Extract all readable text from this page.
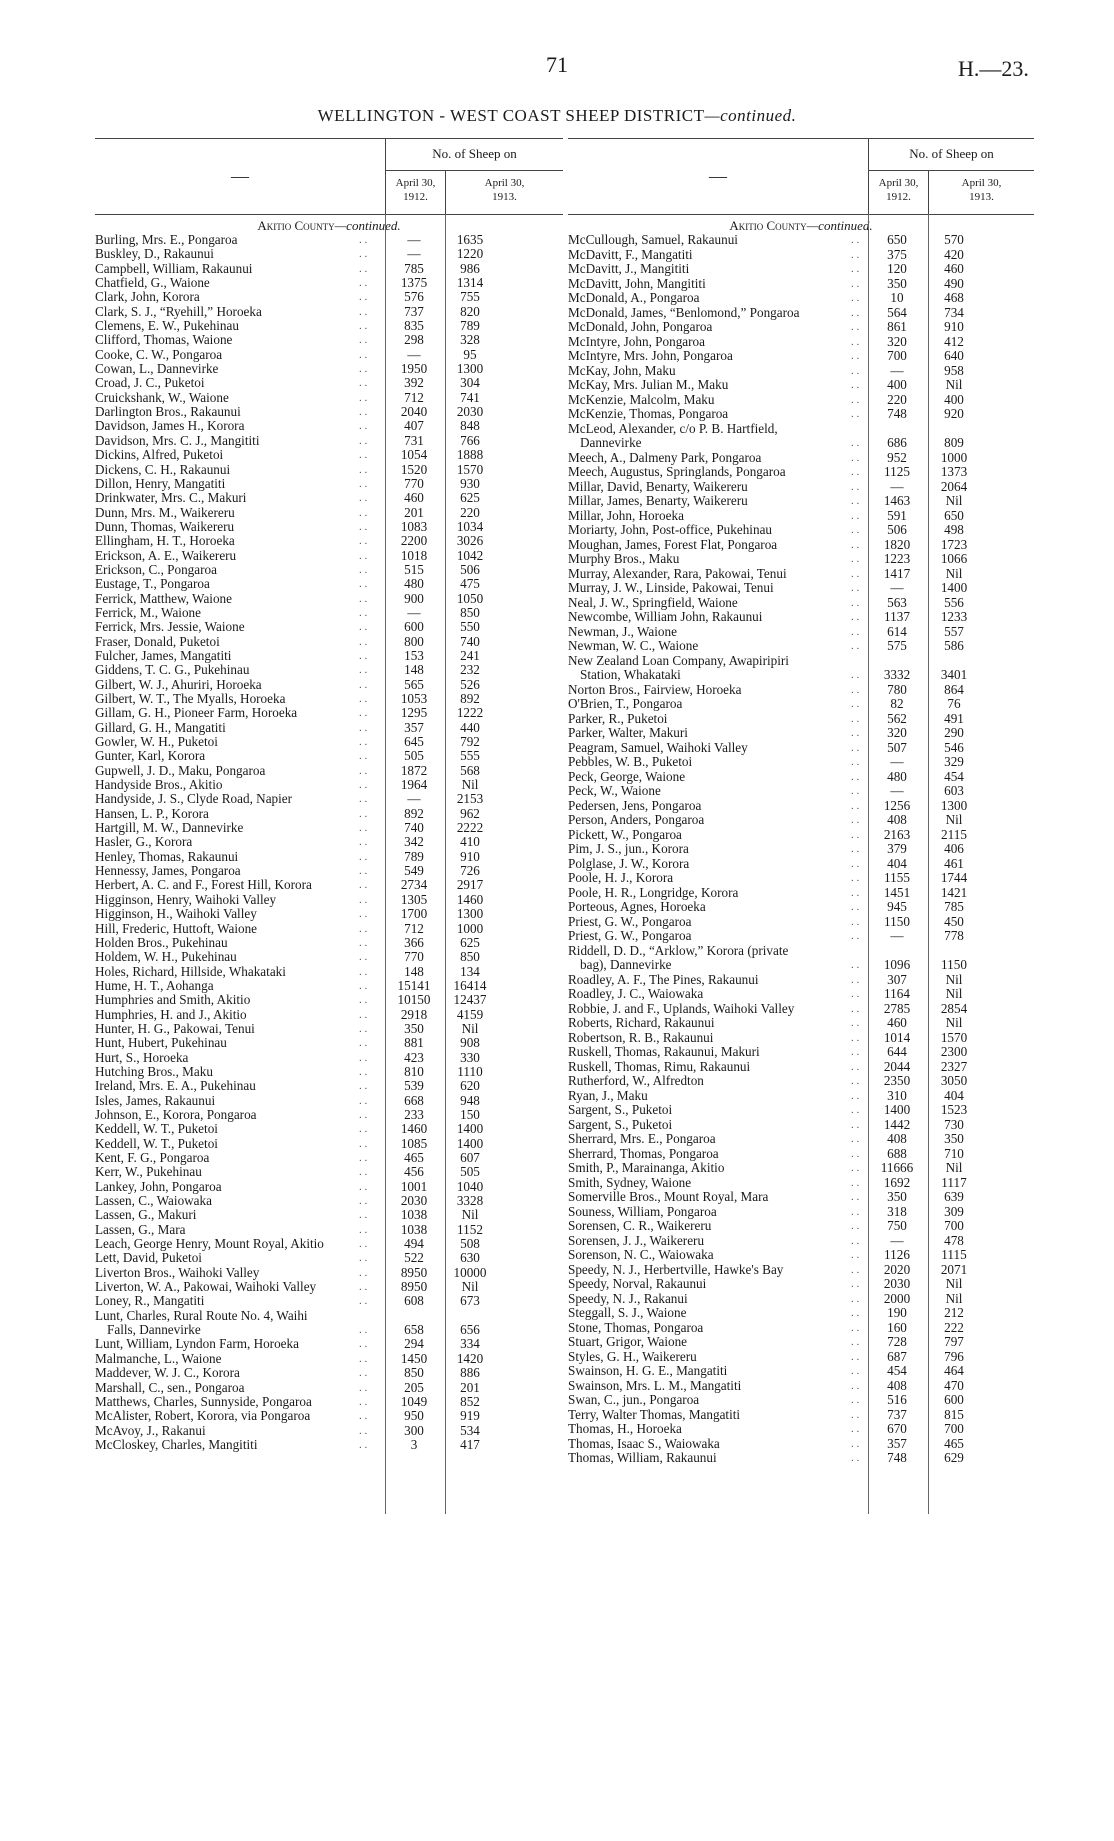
71	H.—23.
WELLINGTON - WEST COAST SHEEP DISTRICT—continued.
—
No. of Sheep on
April 30,
1912.
April 30,
1913.
Akitio County—continued.
Burling, Mrs. E., Pongaroa	. .	—	1635
Buskley, D., Rakaunui	. .	—	1220
Campbell, William, Rakaunui	. .	785	986
Chatfield, G., Waione	. .	1375	1314
Clark, John, Korora	. .	576	755
Clark, S. J., “Ryehill,” Horoeka	. .	737	820
Clemens, E. W., Pukehinau	. .	835	789
Clifford, Thomas, Waione	. .	298	328
Cooke, C. W., Pongaroa	. .	—	95
Cowan, L., Dannevirke	. .	1950	1300
Croad, J. C., Puketoi	. .	392	304
Cruickshank, W., Waione	. .	712	741
Darlington Bros., Rakaunui	. .	2040	2030
Davidson, James H., Korora	. .	407	848
Davidson, Mrs. C. J., Mangititi	. .	731	766
Dickins, Alfred, Puketoi	. .	1054	1888
Dickens, C. H., Rakaunui	. .	1520	1570
Dillon, Henry, Mangatiti	. .	770	930
Drinkwater, Mrs. C., Makuri	. .	460	625
Dunn, Mrs. M., Waikereru	. .	201	220
Dunn, Thomas, Waikereru	. .	1083	1034
Ellingham, H. T., Horoeka	. .	2200	3026
Erickson, A. E., Waikereru	. .	1018	1042
Erickson, C., Pongaroa	. .	515	506
Eustage, T., Pongaroa	. .	480	475
Ferrick, Matthew, Waione	. .	900	1050
Ferrick, M., Waione	. .	—	850
Ferrick, Mrs. Jessie, Waione	. .	600	550
Fraser, Donald, Puketoi	. .	800	740
Fulcher, James, Mangatiti	. .	153	241
Giddens, T. C. G., Pukehinau	. .	148	232
Gilbert, W. J., Ahuriri, Horoeka	. .	565	526
Gilbert, W. T., The Myalls, Horoeka	. .	1053	892
Gillam, G. H., Pioneer Farm, Horoeka	. .	1295	1222
Gillard, G. H., Mangatiti	. .	357	440
Gowler, W. H., Puketoi	. .	645	792
Gunter, Karl, Korora	. .	505	555
Gupwell, J. D., Maku, Pongaroa	. .	1872	568
Handyside Bros., Akitio	. .	1964	Nil
Handyside, J. S., Clyde Road, Napier	. .	—	2153
Hansen, L. P., Korora	. .	892	962
Hartgill, M. W., Dannevirke	. .	740	2222
Hasler, G., Korora	. .	342	410
Henley, Thomas, Rakaunui	. .	789	910
Hennessy, James, Pongaroa	. .	549	726
Herbert, A. C. and F., Forest Hill, Korora	. .	2734	2917
Higginson, Henry, Waihoki Valley	. .	1305	1460
Higginson, H., Waihoki Valley	. .	1700	1300
Hill, Frederic, Huttoft, Waione	. .	712	1000
Holden Bros., Pukehinau	. .	366	625
Holdem, W. H., Pukehinau	. .	770	850
Holes, Richard, Hillside, Whakataki	. .	148	134
Hume, H. T., Aohanga	. .	15141	16414
Humphries and Smith, Akitio	. .	10150	12437
Humphries, H. and J., Akitio	. .	2918	4159
Hunter, H. G., Pakowai, Tenui	. .	350	Nil
Hunt, Hubert, Pukehinau	. .	881	908
Hurt, S., Horoeka	. .	423	330
Hutching Bros., Maku	. .	810	1110
Ireland, Mrs. E. A., Pukehinau	. .	539	620
Isles, James, Rakaunui	. .	668	948
Johnson, E., Korora, Pongaroa	. .	233	150
Keddell, W. T., Puketoi	. .	1460	1400
Keddell, W. T., Puketoi	. .	1085	1400
Kent, F. G., Pongaroa	. .	465	607
Kerr, W., Pukehinau	. .	456	505
Lankey, John, Pongaroa	. .	1001	1040
Lassen, C., Waiowaka	. .	2030	3328
Lassen, G., Makuri	. .	1038	Nil
Lassen, G., Mara	. .	1038	1152
Leach, George Henry, Mount Royal, Akitio	. .	494	508
Lett, David, Puketoi	. .	522	630
Liverton Bros., Waihoki Valley	. .	8950	10000
Liverton, W. A., Pakowai, Waihoki Valley	. .	8950	Nil
Loney, R., Mangatiti	. .	608	673
Lunt, Charles, Rural Route No. 4, Waihi
Falls, Dannevirke	. .	658	656
Lunt, William, Lyndon Farm, Horoeka	. .	294	334
Malmanche, L., Waione	. .	1450	1420
Maddever, W. J. C., Korora	. .	850	886
Marshall, C., sen., Pongaroa	. .	205	201
Matthews, Charles, Sunnyside, Pongaroa	. .	1049	852
McAlister, Robert, Korora, via Pongaroa	. .	950	919
McAvoy, J., Rakanui	. .	300	534
McCloskey, Charles, Mangititi	. .	3	417
—
No. of Sheep on
April 30,
1912.
April 30,
1913.
Akitio County—continued.
McCullough, Samuel, Rakaunui	. .	650	570
McDavitt, F., Mangatiti	. .	375	420
McDavitt, J., Mangititi	. .	120	460
McDavitt, John, Mangititi	. .	350	490
McDonald, A., Pongaroa	. .	10	468
McDonald, James, “Benlomond,” Pongaroa	. .	564	734
McDonald, John, Pongaroa	. .	861	910
McIntyre, John, Pongaroa	. .	320	412
McIntyre, Mrs. John, Pongaroa	. .	700	640
McKay, John, Maku	. .	—	958
McKay, Mrs. Julian M., Maku	. .	400	Nil
McKenzie, Malcolm, Maku	. .	220	400
McKenzie, Thomas, Pongaroa	. .	748	920
McLeod, Alexander, c/o P. B. Hartfield,
Dannevirke	. .	686	809
Meech, A., Dalmeny Park, Pongaroa	. .	952	1000
Meech, Augustus, Springlands, Pongaroa	. .	1125	1373
Millar, David, Benarty, Waikereru	. .	—	2064
Millar, James, Benarty, Waikereru	. .	1463	Nil
Millar, John, Horoeka	. .	591	650
Moriarty, John, Post-office, Pukehinau	. .	506	498
Moughan, James, Forest Flat, Pongaroa	. .	1820	1723
Murphy Bros., Maku	. .	1223	1066
Murray, Alexander, Rara, Pakowai, Tenui	. .	1417	Nil
Murray, J. W., Linside, Pakowai, Tenui	. .	—	1400
Neal, J. W., Springfield, Waione	. .	563	556
Newcombe, William John, Rakaunui	. .	1137	1233
Newman, J., Waione	. .	614	557
Newman, W. C., Waione	. .	575	586
New Zealand Loan Company, Awapiripiri
Station, Whakataki	. .	3332	3401
Norton Bros., Fairview, Horoeka	. .	780	864
O'Brien, T., Pongaroa	. .	82	76
Parker, R., Puketoi	. .	562	491
Parker, Walter, Makuri	. .	320	290
Peagram, Samuel, Waihoki Valley	. .	507	546
Pebbles, W. B., Puketoi	. .	—	329
Peck, George, Waione	. .	480	454
Peck, W., Waione	. .	—	603
Pedersen, Jens, Pongaroa	. .	1256	1300
Person, Anders, Pongaroa	. .	408	Nil
Pickett, W., Pongaroa	. .	2163	2115
Pim, J. S., jun., Korora	. .	379	406
Polglase, J. W., Korora	. .	404	461
Poole, H. J., Korora	. .	1155	1744
Poole, H. R., Longridge, Korora	. .	1451	1421
Porteous, Agnes, Horoeka	. .	945	785
Priest, G. W., Pongaroa	. .	1150	450
Priest, G. W., Pongaroa	. .	—	778
Riddell, D. D., “Arklow,” Korora (private
bag), Dannevirke	. .	1096	1150
Roadley, A. F., The Pines, Rakaunui	. .	307	Nil
Roadley, J. C., Waiowaka	. .	1164	Nil
Robbie, J. and F., Uplands, Waihoki Valley	. .	2785	2854
Roberts, Richard, Rakaunui	. .	460	Nil
Robertson, R. B., Rakaunui	. .	1014	1570
Ruskell, Thomas, Rakaunui, Makuri	. .	644	2300
Ruskell, Thomas, Rimu, Rakaunui	. .	2044	2327
Rutherford, W., Alfredton	. .	2350	3050
Ryan, J., Maku	. .	310	404
Sargent, S., Puketoi	. .	1400	1523
Sargent, S., Puketoi	. .	1442	730
Sherrard, Mrs. E., Pongaroa	. .	408	350
Sherrard, Thomas, Pongaroa	. .	688	710
Smith, P., Marainanga, Akitio	. .	11666	Nil
Smith, Sydney, Waione	. .	1692	1117
Somerville Bros., Mount Royal, Mara	. .	350	639
Souness, William, Pongaroa	. .	318	309
Sorensen, C. R., Waikereru	. .	750	700
Sorensen, J. J., Waikereru	. .	—	478
Sorenson, N. C., Waiowaka	. .	1126	1115
Speedy, N. J., Herbertville, Hawke's Bay	. .	2020	2071
Speedy, Norval, Rakaunui	. .	2030	Nil
Speedy, N. J., Rakanui	. .	2000	Nil
Steggall, S. J., Waione	. .	190	212
Stone, Thomas, Pongaroa	. .	160	222
Stuart, Grigor, Waione	. .	728	797
Styles, G. H., Waikereru	. .	687	796
Swainson, H. G. E., Mangatiti	. .	454	464
Swainson, Mrs. L. M., Mangatiti	. .	408	470
Swan, C., jun., Pongaroa	. .	516	600
Terry, Walter Thomas, Mangatiti	. .	737	815
Thomas, H., Horoeka	. .	670	700
Thomas, Isaac S., Waiowaka	. .	357	465
Thomas, William, Rakaunui	. .	748	629
